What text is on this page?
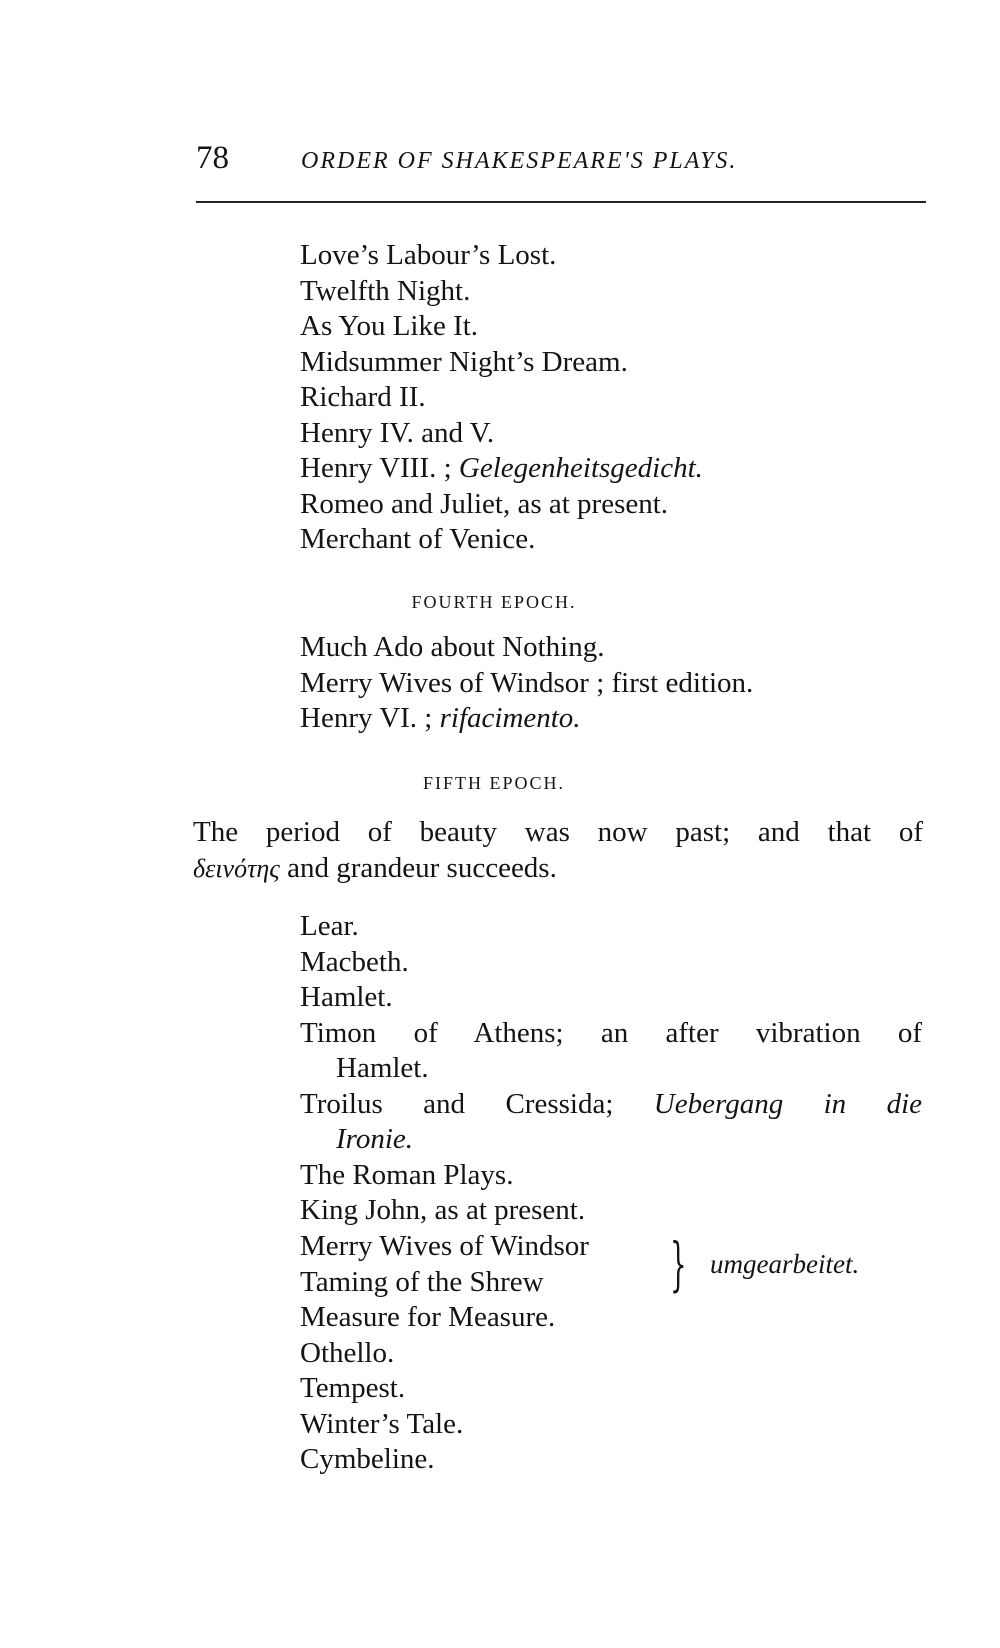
78	ORDER OF SHAKESPEARE'S PLAYS.
Love’s Labour’s Lost.
Twelfth Night.
As You Like It.
Midsummer Night’s Dream.
Richard II.
Henry IV. and V.
Henry VIII. ; Gelegenheitsgedicht.
Romeo and Juliet, as at present.
Merchant of Venice.
FOURTH EPOCH.
Much Ado about Nothing.
Merry Wives of Windsor ; first edition.
Henry VI. ; rifacimento.
FIFTH EPOCH.
The period of beauty was now past; and that of
δεινότης and grandeur succeeds.
Lear.
Macbeth.
Hamlet.
Timon of Athens; an after vibration of
Hamlet.
Troilus and Cressida; Uebergang in die
Ironie.
The Roman Plays.
King John, as at present.
Merry Wives of Windsor
Taming of the Shrew	} umgearbeitet.
Measure for Measure.
Othello.
Tempest.
Winter’s Tale.
Cymbeline.
